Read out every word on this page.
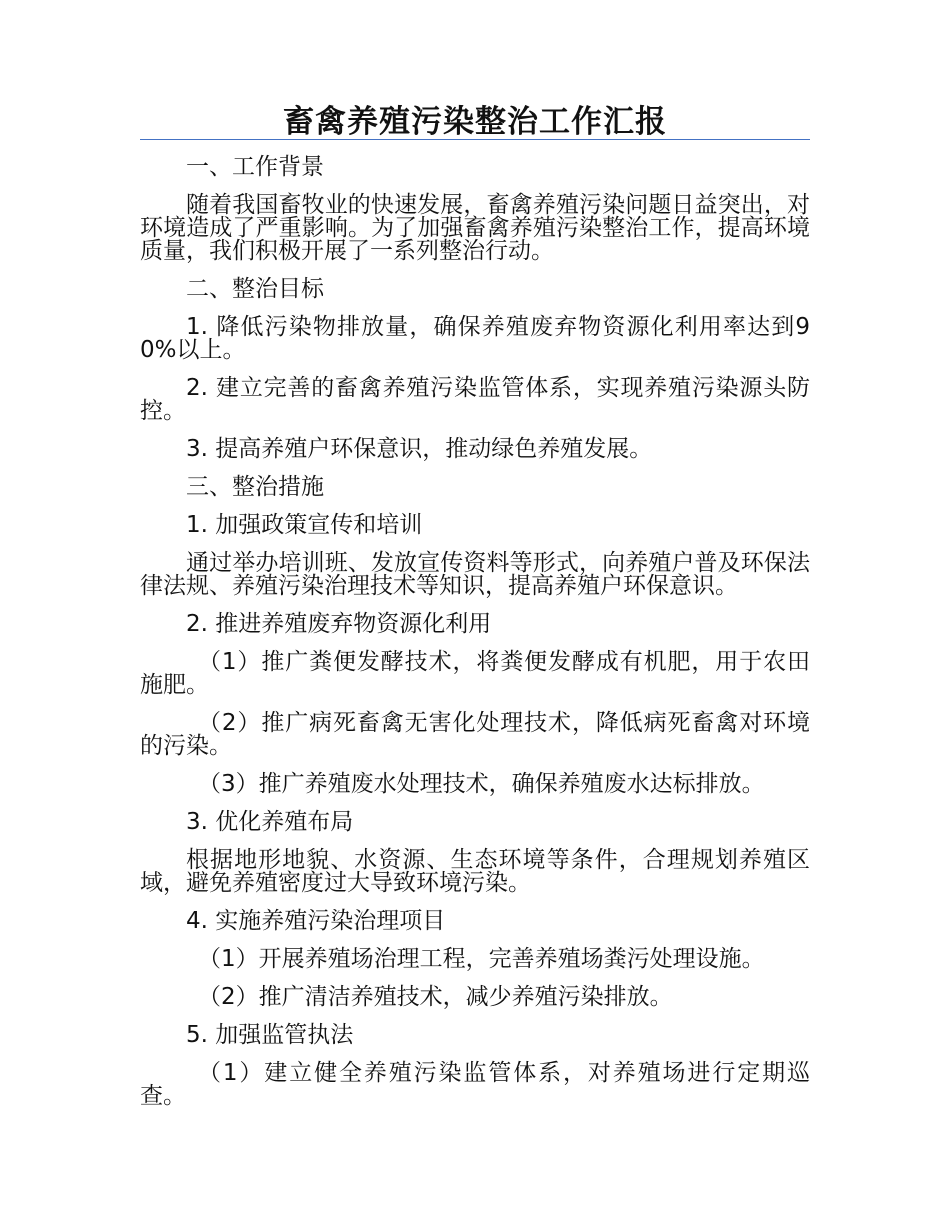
畜禽养殖污染整治工作汇报

一、工作背景

随着我国畜牧业的快速发展，畜禽养殖污染问题日益突出，对环境造成了严重影响。为了加强畜禽养殖污染整治工作，提高环境质量，我们积极开展了一系列整治行动。

二、整治目标

1. 降低污染物排放量，确保养殖废弃物资源化利用率达到90%以上。

2. 建立完善的畜禽养殖污染监管体系，实现养殖污染源头防控。

3. 提高养殖户环保意识，推动绿色养殖发展。

三、整治措施

1. 加强政策宣传和培训

通过举办培训班、发放宣传资料等形式，向养殖户普及环保法律法规、养殖污染治理技术等知识，提高养殖户环保意识。

2. 推进养殖废弃物资源化利用

（1）推广粪便发酵技术，将粪便发酵成有机肥，用于农田施肥。

（2）推广病死畜禽无害化处理技术，降低病死畜禽对环境的污染。

（3）推广养殖废水处理技术，确保养殖废水达标排放。

3. 优化养殖布局

根据地形地貌、水资源、生态环境等条件，合理规划养殖区域，避免养殖密度过大导致环境污染。

4. 实施养殖污染治理项目

（1）开展养殖场治理工程，完善养殖场粪污处理设施。

（2）推广清洁养殖技术，减少养殖污染排放。

5. 加强监管执法

（1）建立健全养殖污染监管体系，对养殖场进行定期巡查。
